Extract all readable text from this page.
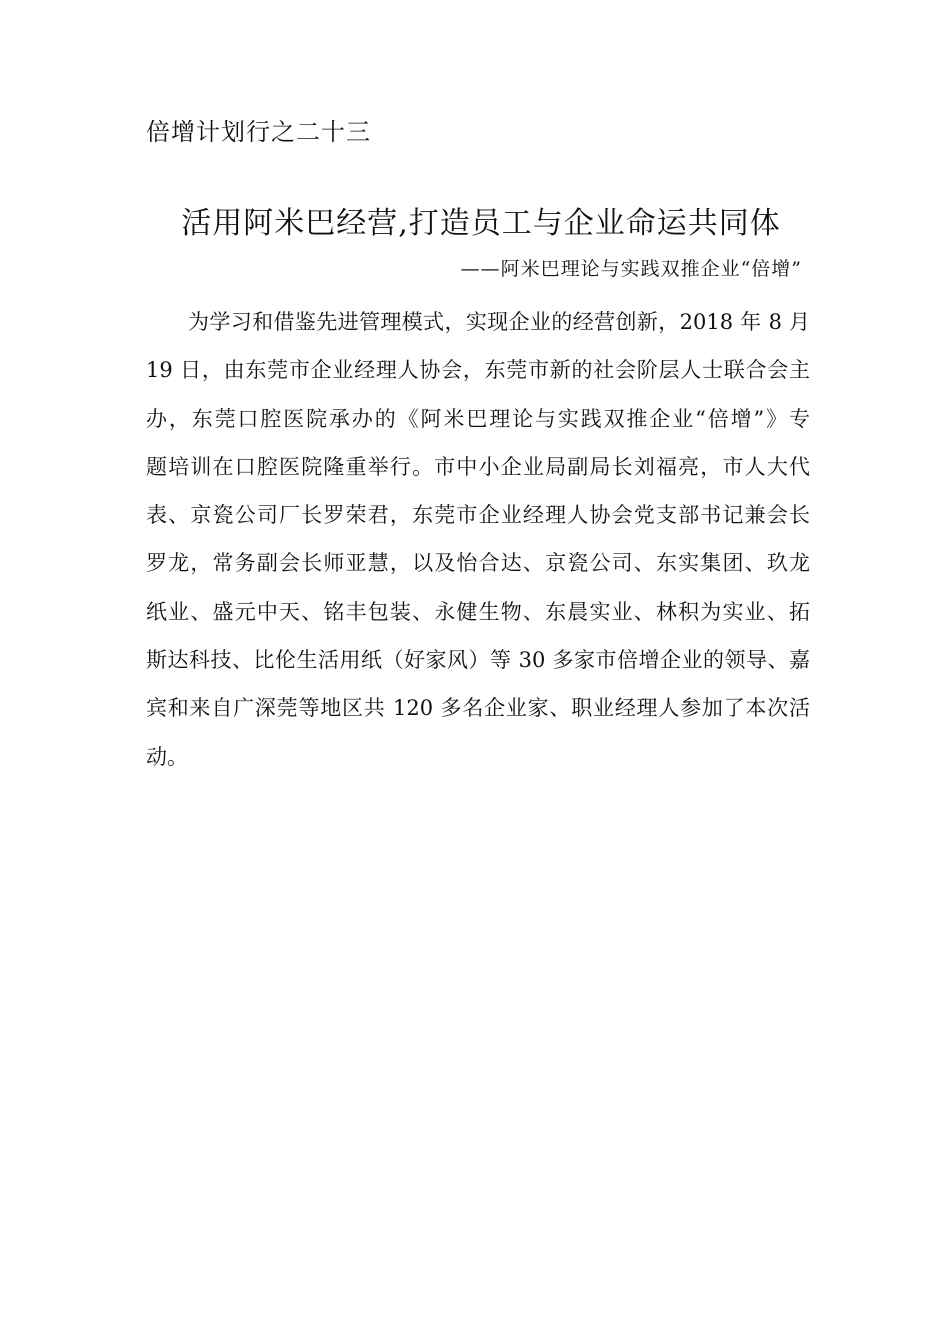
倍增计划行之二十三
活用阿米巴经营,打造员工与企业命运共同体
——阿米巴理论与实践双推企业“倍增”
为学习和借鉴先进管理模式，实现企业的经营创新，2018 年 8 月
19 日，由东莞市企业经理人协会，东莞市新的社会阶层人士联合会主
办，东莞口腔医院承办的《阿米巴理论与实践双推企业“倍增”》专
题培训在口腔医院隆重举行。市中小企业局副局长刘福亮，市人大代
表、京瓷公司厂长罗荣君，东莞市企业经理人协会党支部书记兼会长
罗龙，常务副会长师亚慧，以及怡合达、京瓷公司、东实集团、玖龙
纸业、盛元中天、铭丰包装、永健生物、东晨实业、林积为实业、拓
斯达科技、比伦生活用纸（好家风）等 30 多家市倍增企业的领导、嘉
宾和来自广深莞等地区共 120 多名企业家、职业经理人参加了本次活
动。
